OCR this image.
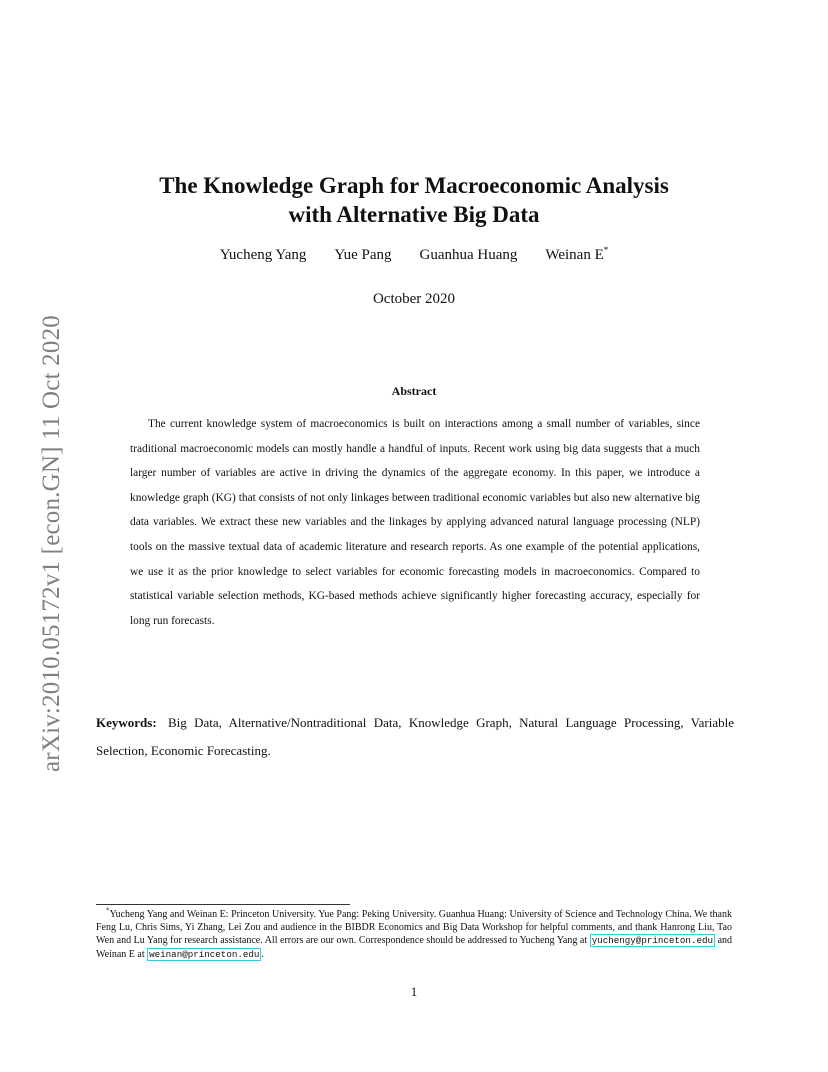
arXiv:2010.05172v1 [econ.GN] 11 Oct 2020
The Knowledge Graph for Macroeconomic Analysis
with Alternative Big Data
Yucheng Yang Yue Pang Guanhua Huang Weinan E*
October 2020
Abstract

The current knowledge system of macroeconomics is built on interactions among a small number of variables, since traditional macroeconomic models can mostly handle a handful of inputs. Recent work using big data suggests that a much larger number of variables are active in driving the dynamics of the aggregate economy. In this paper, we introduce a knowledge graph (KG) that consists of not only linkages between traditional economic variables but also new alternative big data variables. We extract these new variables and the linkages by applying advanced natural language processing (NLP) tools on the massive textual data of academic literature and research reports. As one example of the potential applications, we use it as the prior knowledge to select variables for economic forecasting models in macroeconomics. Compared to statistical variable selection methods, KG-based methods achieve significantly higher forecasting accuracy, especially for long run forecasts.

Keywords: Big Data, Alternative/Nontraditional Data, Knowledge Graph, Natural Language Processing, Variable Selection, Economic Forecasting.

*Yucheng Yang and Weinan E: Princeton University. Yue Pang: Peking University. Guanhua Huang: University of Science and Technology China. We thank Feng Lu, Chris Sims, Yi Zhang, Lei Zou and audience in the BIBDR Economics and Big Data Workshop for helpful comments, and thank Hanrong Liu, Tao Wen and Lu Yang for research assistance. All errors are our own. Correspondence should be addressed to Yucheng Yang at yuchengy@princeton.edu and Weinan E at weinan@princeton.edu .

1
